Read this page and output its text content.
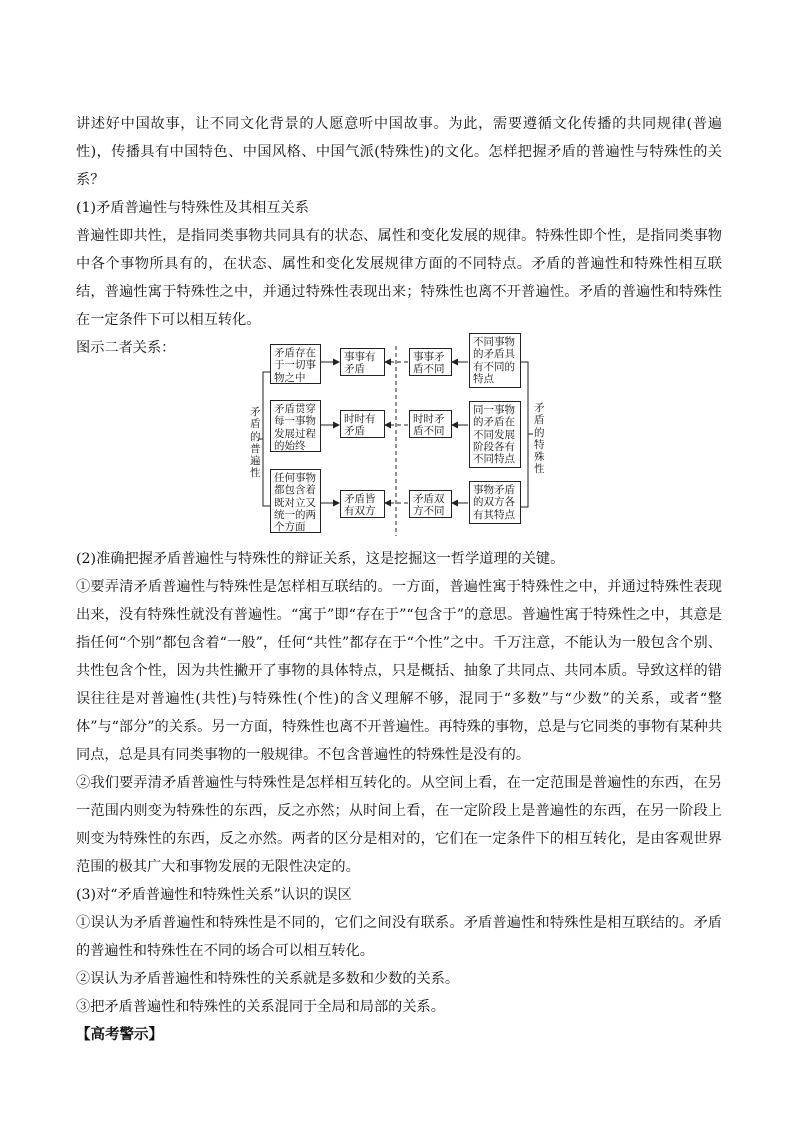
讲述好中国故事，让不同文化背景的人愿意听中国故事。为此，需要遵循文化传播的共同规律(普遍性)，传播具有中国特色、中国风格、中国气派(特殊性)的文化。怎样把握矛盾的普遍性与特殊性的关系？

(1)矛盾普遍性与特殊性及其相互关系

普遍性即共性，是指同类事物共同具有的状态、属性和变化发展的规律。特殊性即个性，是指同类事物中各个事物所具有的，在状态、属性和变化发展规律方面的不同特点。矛盾的普遍性和特殊性相互联结，普遍性寓于特殊性之中，并通过特殊性表现出来；特殊性也离不开普遍性。矛盾的普遍性和特殊性在一定条件下可以相互转化。

图示二者关系：

矛盾的普遍性
矛盾的特殊性
矛盾存在于一切事物之中
矛盾贯穿每一事物发展过程的始终
任何事物都包含着既对立又统一的两个方面
事事有矛盾
时时有矛盾
矛盾皆有双方
事事矛盾不同
时时矛盾不同
矛盾双方不同
不同事物的矛盾具有不同的特点
同一事物的矛盾在不同发展阶段各有不同特点
事物矛盾的双方各有其特点

(2)准确把握矛盾普遍性与特殊性的辩证关系，这是挖掘这一哲学道理的关键。

①要弄清矛盾普遍性与特殊性是怎样相互联结的。一方面，普遍性寓于特殊性之中，并通过特殊性表现出来，没有特殊性就没有普遍性。“寓于”即“存在于”“包含于”的意思。普遍性寓于特殊性之中，其意是指任何“个别”都包含着“一般”，任何“共性”都存在于“个性”之中。千万注意，不能认为一般包含个别、共性包含个性，因为共性撇开了事物的具体特点，只是概括、抽象了共同点、共同本质。导致这样的错误往往是对普遍性(共性)与特殊性(个性)的含义理解不够，混同于“多数”与“少数”的关系，或者“整体”与“部分”的关系。另一方面，特殊性也离不开普遍性。再特殊的事物，总是与它同类的事物有某种共同点，总是具有同类事物的一般规律。不包含普遍性的特殊性是没有的。

②我们要弄清矛盾普遍性与特殊性是怎样相互转化的。从空间上看，在一定范围是普遍性的东西，在另一范围内则变为特殊性的东西，反之亦然；从时间上看，在一定阶段上是普遍性的东西，在另一阶段上则变为特殊性的东西，反之亦然。两者的区分是相对的，它们在一定条件下的相互转化，是由客观世界范围的极其广大和事物发展的无限性决定的。

(3)对“矛盾普遍性和特殊性关系”认识的误区

①误认为矛盾普遍性和特殊性是不同的，它们之间没有联系。矛盾普遍性和特殊性是相互联结的。矛盾的普遍性和特殊性在不同的场合可以相互转化。

②误认为矛盾普遍性和特殊性的关系就是多数和少数的关系。

③把矛盾普遍性和特殊性的关系混同于全局和局部的关系。

【高考警示】
